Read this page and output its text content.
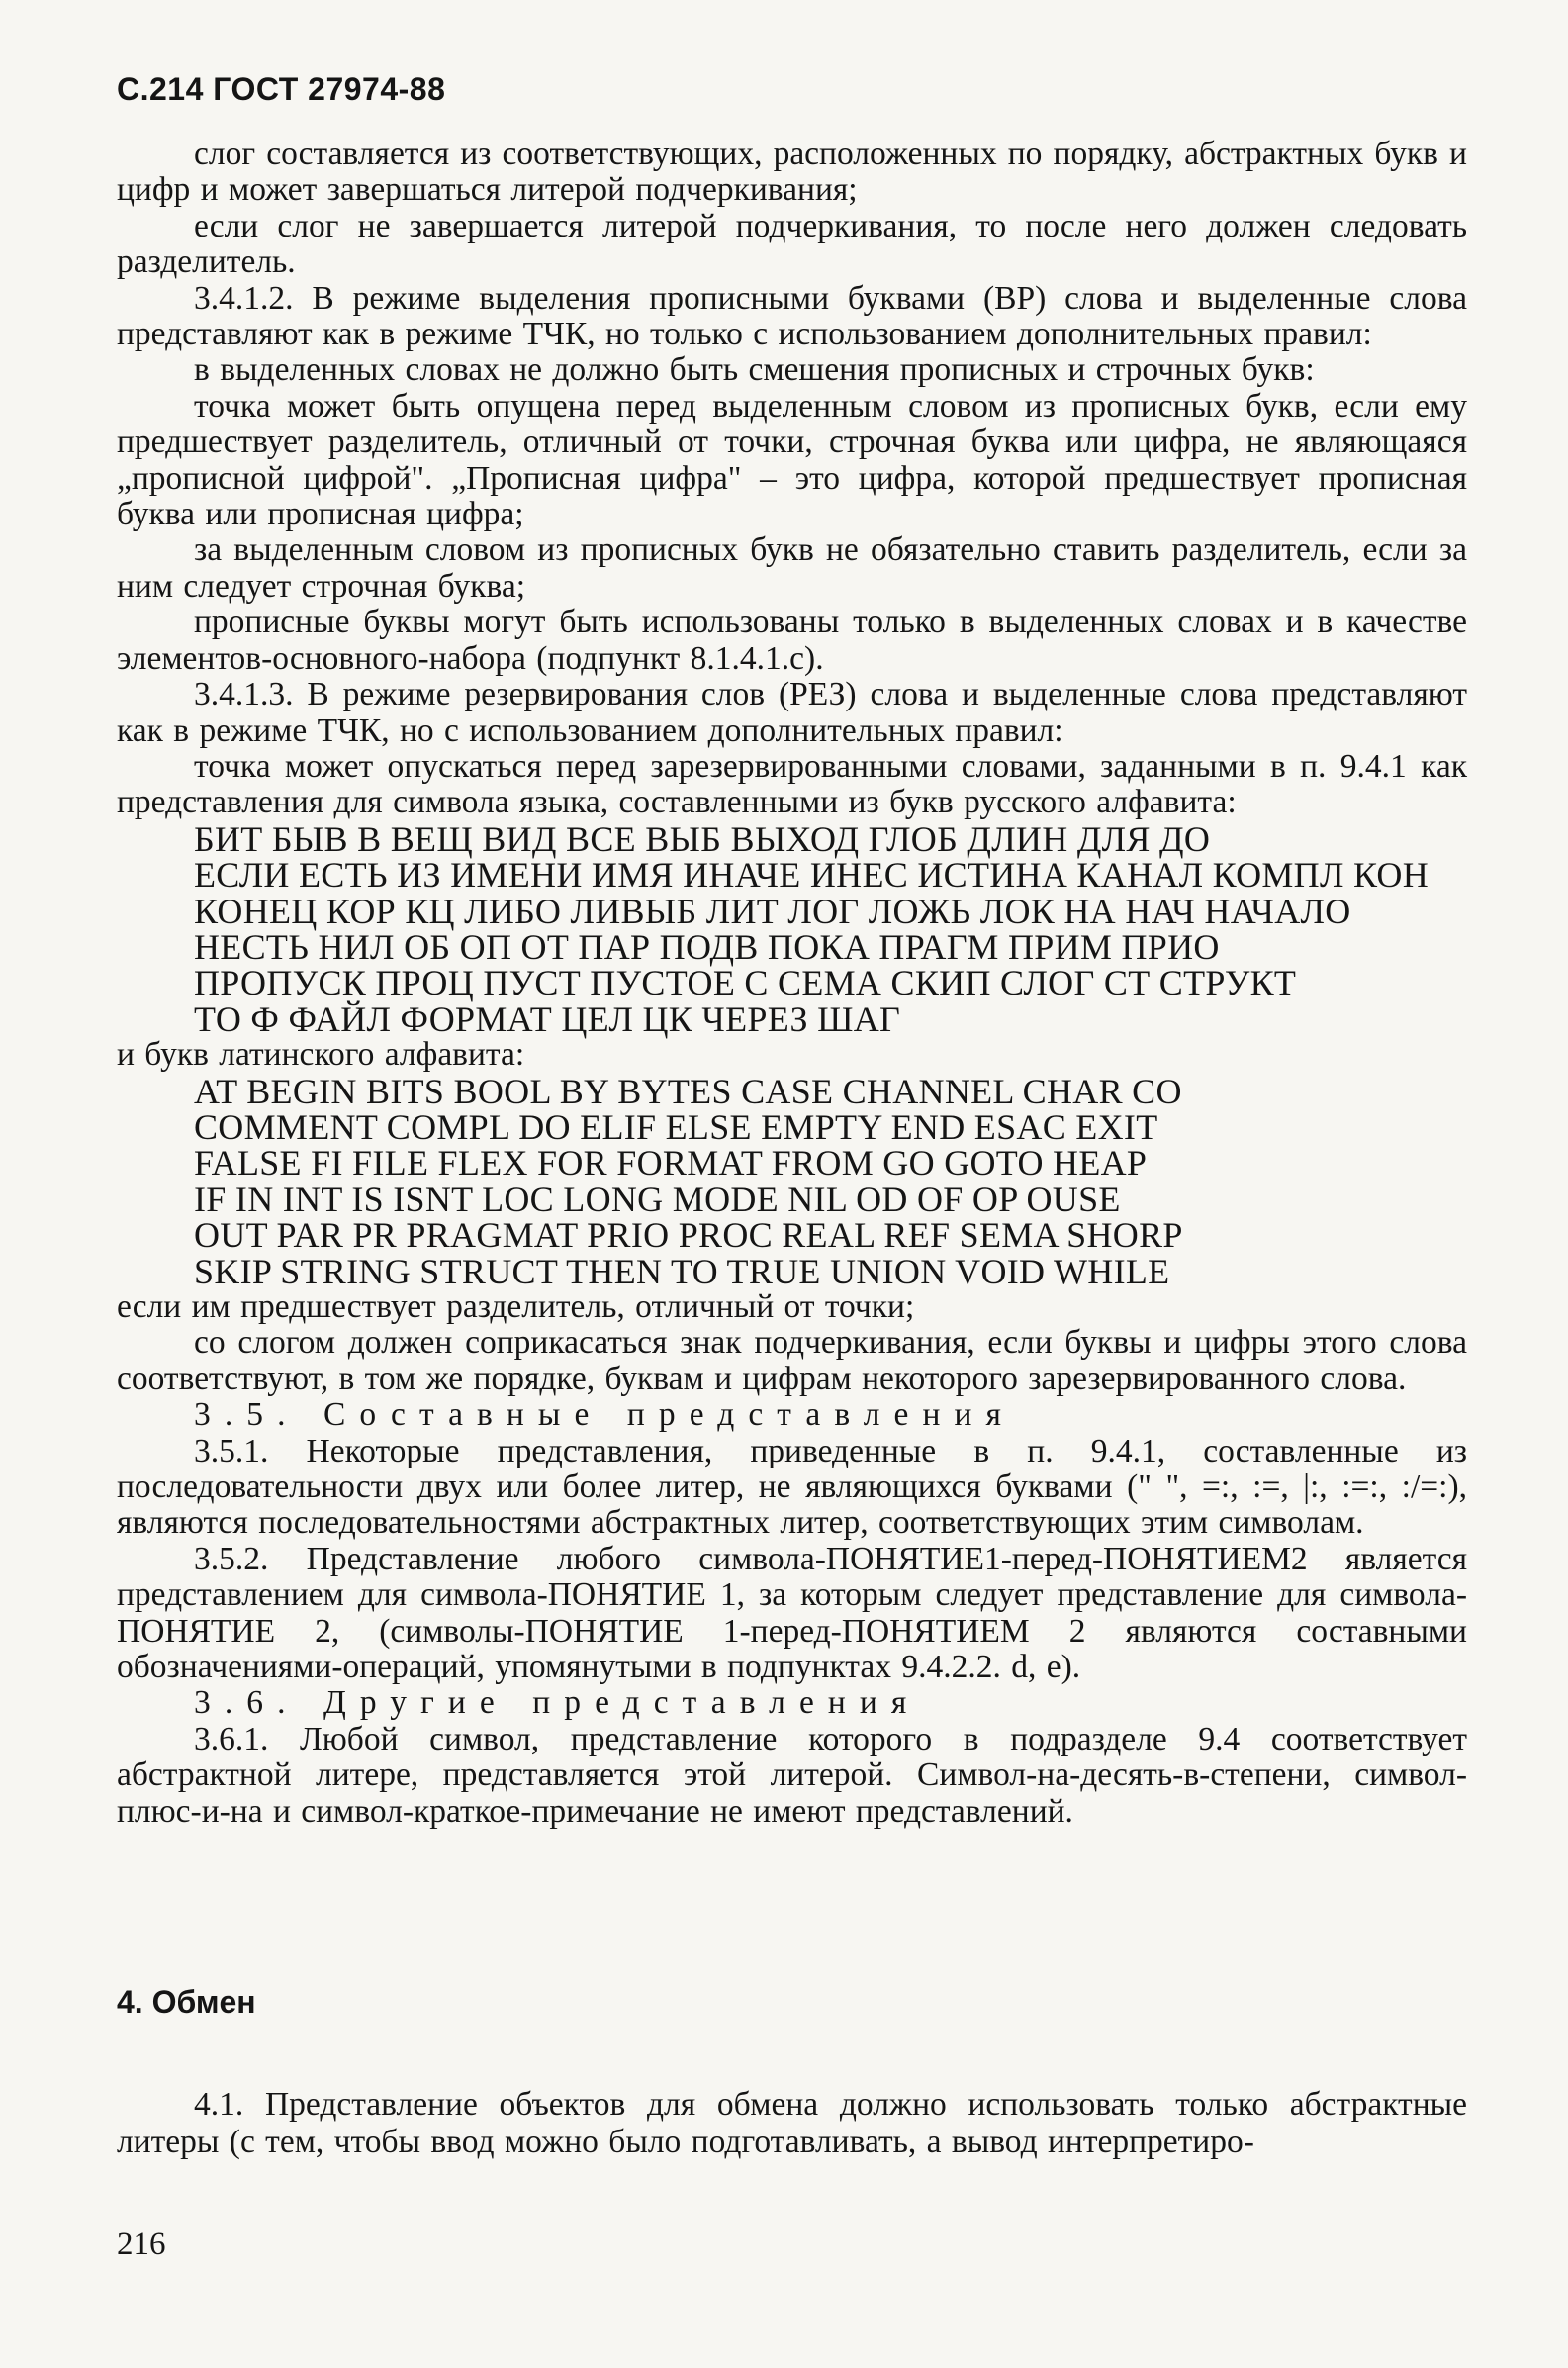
С.214 ГОСТ 27974-88

слог составляется из соответствующих, расположенных по порядку, абстрактных букв и цифр и может завершаться литерой подчеркивания;

если слог не завершается литерой подчеркивания, то после него должен следовать разделитель.

3.4.1.2. В режиме выделения прописными буквами (ВР) слова и выделенные слова представляют как в режиме ТЧК, но только с использованием дополнительных правил:

в выделенных словах не должно быть смешения прописных и строчных букв:

точка может быть опущена перед выделенным словом из прописных букв, если ему предшествует разделитель, отличный от точки, строчная буква или цифра, не являющаяся „прописной цифрой". „Прописная цифра" – это цифра, которой предшествует прописная буква или прописная цифра;

за выделенным словом из прописных букв не обязательно ставить разделитель, если за ним следует строчная буква;

прописные буквы могут быть использованы только в выделенных словах и в качестве элементов-основного-набора (подпункт 8.1.4.1.c).

3.4.1.3. В режиме резервирования слов (РЕЗ) слова и выделенные слова представляют как в режиме ТЧК, но с использованием дополнительных правил:

точка может опускаться перед зарезервированными словами, заданными в п. 9.4.1 как представления для символа языка, составленными из букв русского алфавита:

БИТ БЫВ В ВЕЩ ВИД ВСЕ ВЫБ ВЫХОД ГЛОБ ДЛИН ДЛЯ ДО
ЕСЛИ ЕСТЬ ИЗ ИМЕНИ ИМЯ ИНАЧЕ ИНЕС ИСТИНА КАНАЛ КОМПЛ КОН
КОНЕЦ КОР КЦ ЛИБО ЛИВЫБ ЛИТ ЛОГ ЛОЖЬ ЛОК НА НАЧ НАЧАЛО
НЕСТЬ НИЛ ОБ ОП ОТ ПАР ПОДВ ПОКА ПРАГМ ПРИМ ПРИО
ПРОПУСК ПРОЦ ПУСТ ПУСТОЕ С СЕМА СКИП СЛОГ СТ СТРУКТ
ТО Ф ФАЙЛ ФОРМАТ ЦЕЛ ЦК ЧЕРЕЗ ШАГ

и букв латинского алфавита:

AT BEGIN BITS BOOL BY BYTES CASE CHANNEL CHAR CO
COMMENT COMPL DO ELIF ELSE EMPTY END ESAC EXIT
FALSE FI FILE FLEX FOR FORMAT FROM GO GOTO HEAP
IF IN INT IS ISNT LOC LONG MODE NIL OD OF OP OUSE
OUT PAR PR PRAGMAT PRIO PROC REAL REF SEMA SHORP
SKIP STRING STRUCT THEN TO TRUE UNION VOID WHILE

если им предшествует разделитель, отличный от точки;

со слогом должен соприкасаться знак подчеркивания, если буквы и цифры этого слова соответствуют, в том же порядке, буквам и цифрам некоторого зарезервированного слова.

3.5. Составные представления

3.5.1. Некоторые представления, приведенные в п. 9.4.1, составленные из последовательности двух или более литер, не являющихся буквами (" ", =:, :=, |:, :=:, :/=:), являются последовательностями абстрактных литер, соответствующих этим символам.

3.5.2. Представление любого символа-ПОНЯТИЕ1-перед-ПОНЯТИЕМ2 является представлением для символа-ПОНЯТИЕ 1, за которым следует представление для символа-ПОНЯТИЕ 2, (символы-ПОНЯТИЕ 1-перед-ПОНЯТИЕМ 2 являются составными обозначениями-операций, упомянутыми в подпунктах 9.4.2.2. d, e).

3.6. Другие представления

3.6.1. Любой символ, представление которого в подразделе 9.4 соответствует абстрактной литере, представляется этой литерой. Символ-на-десять-в-степени, символ-плюс-и-на и символ-краткое-примечание не имеют представлений.

4. Обмен

4.1. Представление объектов для обмена должно использовать только абстрактные литеры (с тем, чтобы ввод можно было подготавливать, а вывод интерпретиро-

216
